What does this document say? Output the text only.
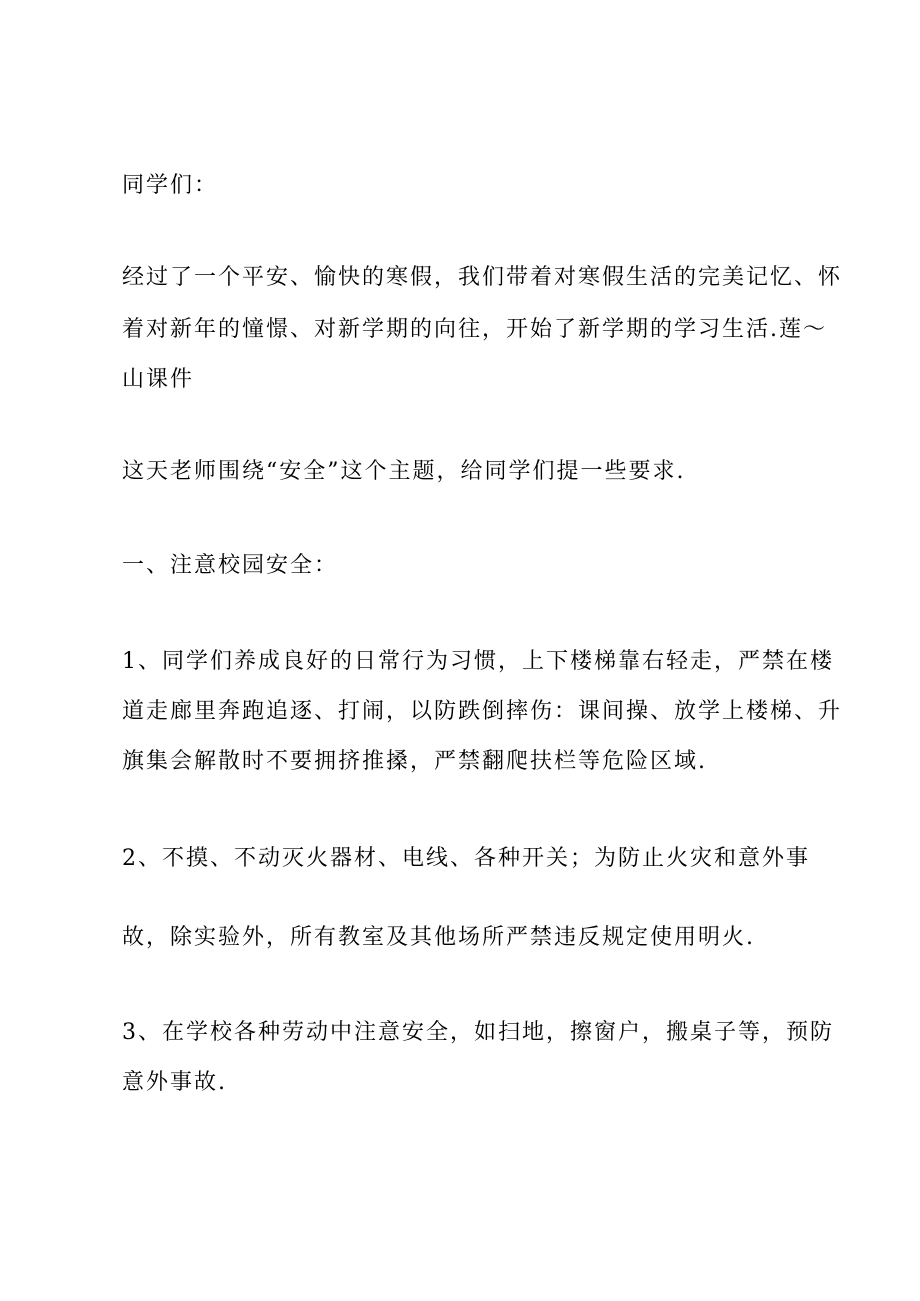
同学们：
经过了一个平安、愉快的寒假，我们带着对寒假生活的完美记忆、怀
着对新年的憧憬、对新学期的向往，开始了新学期的学习生活.莲～
山课件
这天老师围绕“安全”这个主题，给同学们提一些要求.
一、注意校园安全：
1、同学们养成良好的日常行为习惯，上下楼梯靠右轻走，严禁在楼
道走廊里奔跑追逐、打闹，以防跌倒摔伤：课间操、放学上楼梯、升
旗集会解散时不要拥挤推搡，严禁翻爬扶栏等危险区域.
2、不摸、不动灭火器材、电线、各种开关；为防止火灾和意外事
故，除实验外，所有教室及其他场所严禁违反规定使用明火.
3、在学校各种劳动中注意安全，如扫地，擦窗户，搬桌子等，预防
意外事故.
